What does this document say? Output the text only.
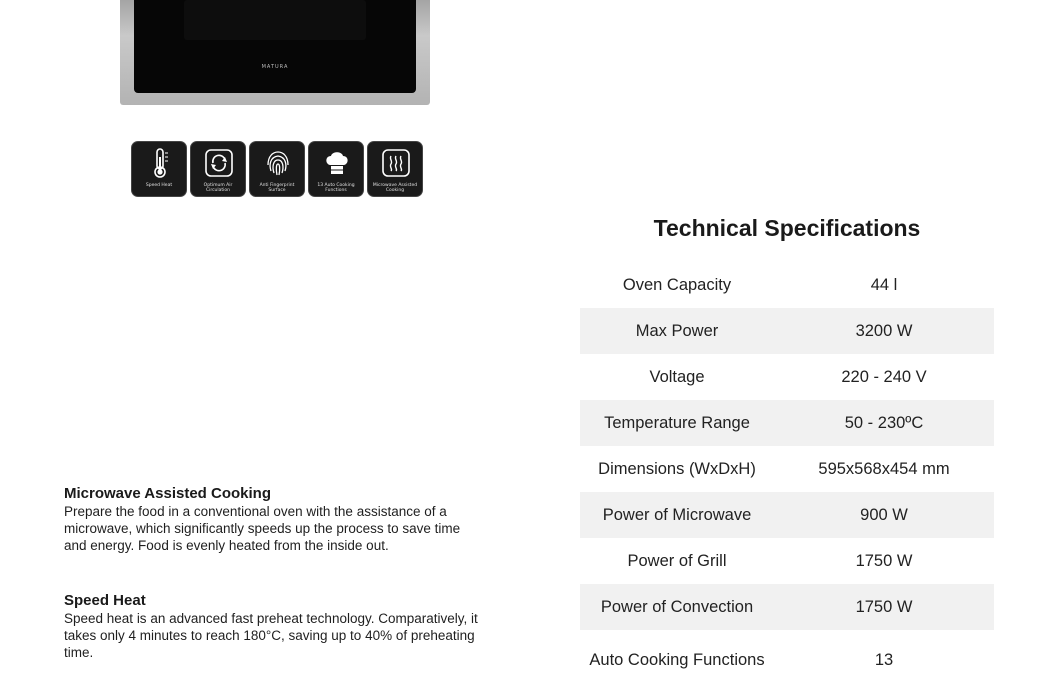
MATURA
Speed Heat	Optimum Air Circulation
Anti Fingerprint Surface
13 Auto Cooking Functions
Microwave Assisted Cooking
Microwave Assisted Cooking

Prepare the food in a conventional oven with the assistance of a microwave, which significantly speeds up the process to save time and energy. Food is evenly heated from the inside out.

Speed Heat

Speed heat is an advanced fast preheat technology. Comparatively, it takes only 4 minutes to reach 180°C, saving up to 40% of preheating time.

Technical Specifications
Oven Capacity	44 l
Max Power	3200 W
Voltage	220 - 240 V
Temperature Range	50 - 230ºC
Dimensions (WxDxH)	595x568x454 mm
Power of Microwave	900 W
Power of Grill	1750 W
Power of Convection	1750 W
Auto Cooking Functions	13
